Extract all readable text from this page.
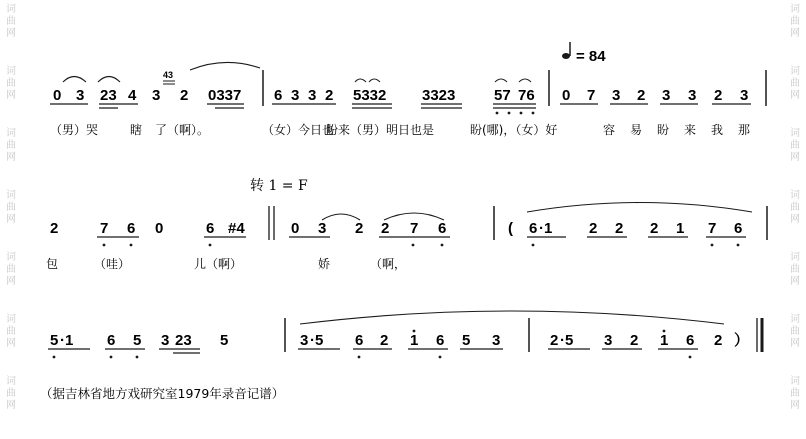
词
曲
网
词
曲
网
词
曲
网
词
曲
网
词
曲
网
词
曲
网
词
曲
网
词
曲
网
词
曲
网
词
曲
网
词
曲
网
词
曲
网
词
曲
网
词
曲
网
= 84
转 1 = F
43
0 3 23 4 3 2 0337 6 3 3 2 5332 3323	57 76 0 7 3 2 3 3 2 3
（男）哭	瞎 了（啊）。	（女）今日也
盼来（男）明日也是	盼(哪)，（女）好	容 易 盼 来 我 那
2	7 6 0	6 #4	0 3 2 2 7 6	( 6 ·1 2 2 2 1 7 6
包	（哇）	儿（啊）	娇	（啊，
5 ·1 6 5 3 23 5	3 ·5 6 2 1 6 5 3	2 ·5 3 2 1 6 2 ）
（据吉林省地方戏研究室1979年录音记谱）
